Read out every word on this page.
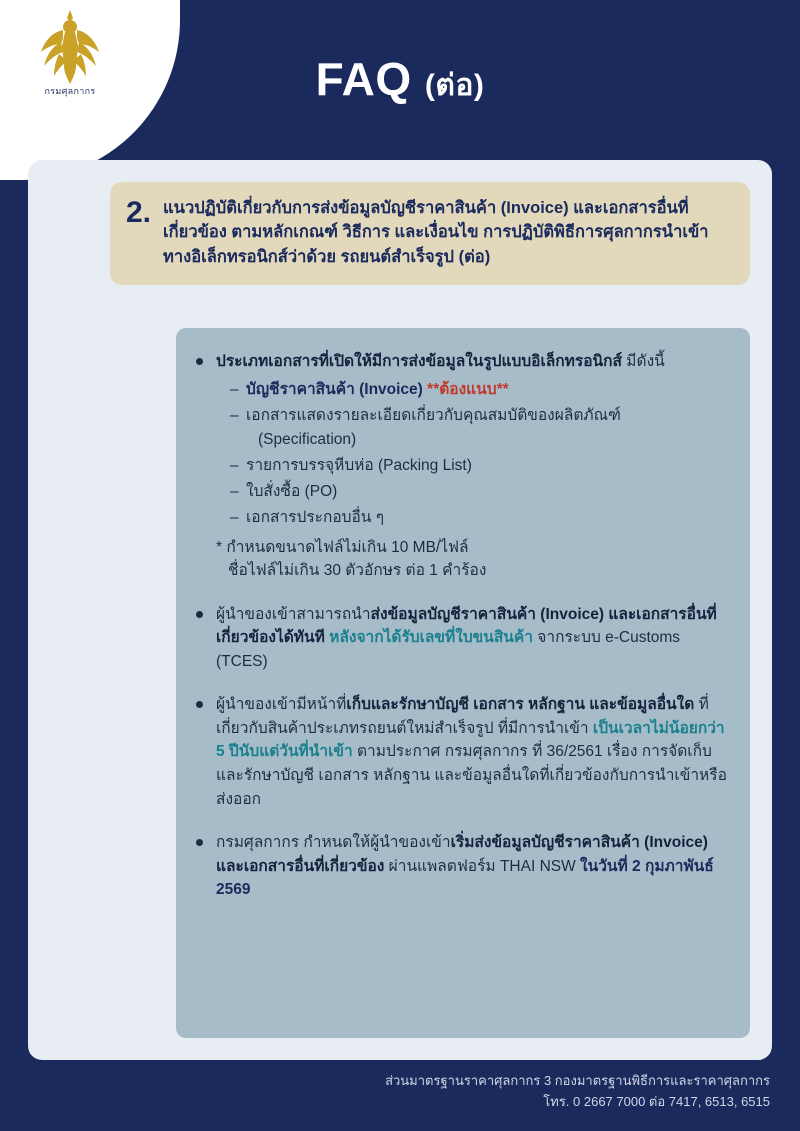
กรมศุลกากร	FAQ (ต่อ)
2. แนวปฏิบัติเกี่ยวกับการส่งข้อมูลบัญชีราคาสินค้า (Invoice) และเอกสารอื่นที่เกี่ยวข้อง ตามหลักเกณฑ์ วิธีการ และเงื่อนไข การปฏิบัติพิธีการศุลกากรนำเข้าทางอิเล็กทรอนิกส์ว่าด้วย รถยนต์สำเร็จรูป (ต่อ)
ประเภทเอกสารที่เปิดให้มีการส่งข้อมูลในรูปแบบอิเล็กทรอนิกส์ มีดังนี้
– บัญชีราคาสินค้า (Invoice) **ต้องแนบ**
– เอกสารแสดงรายละเอียดเกี่ยวกับคุณสมบัติของผลิตภัณฑ์
(Specification)
– รายการบรรจุหีบห่อ (Packing List)
– ใบสั่งซื้อ (PO)
– เอกสารประกอบอื่น ๆ
* กำหนดขนาดไฟล์ไม่เกิน 10 MB/ไฟล์
ชื่อไฟล์ไม่เกิน 30 ตัวอักษร ต่อ 1 คำร้อง
ผู้นำของเข้าสามารถนำส่งข้อมูลบัญชีราคาสินค้า (Invoice) และเอกสารอื่นที่เกี่ยวข้องได้ทันที หลังจากได้รับเลขที่ใบขนสินค้า จากระบบ e-Customs (TCES)
ผู้นำของเข้ามีหน้าที่เก็บและรักษาบัญชี เอกสาร หลักฐาน และข้อมูลอื่นใด ที่เกี่ยวกับสินค้าประเภทรถยนต์ใหม่สำเร็จรูป ที่มีการนำเข้า เป็นเวลาไม่น้อยกว่า 5 ปีนับแต่วันที่นำเข้า ตามประกาศ กรมศุลกากร ที่ 36/2561 เรื่อง การจัดเก็บ และรักษาบัญชี เอกสาร หลักฐาน และข้อมูลอื่นใดที่เกี่ยวข้องกับการนำเข้าหรือส่งออก
กรมศุลกากร กำหนดให้ผู้นำของเข้าเริ่มส่งข้อมูลบัญชีราคาสินค้า (Invoice) และเอกสารอื่นที่เกี่ยวข้อง ผ่านแพลตฟอร์ม THAI NSW ในวันที่ 2 กุมภาพันธ์ 2569
ส่วนมาตรฐานราคาศุลกากร 3 กองมาตรฐานพิธีการและราคาศุลกากร
โทร. 0 2667 7000 ต่อ 7417, 6513, 6515
